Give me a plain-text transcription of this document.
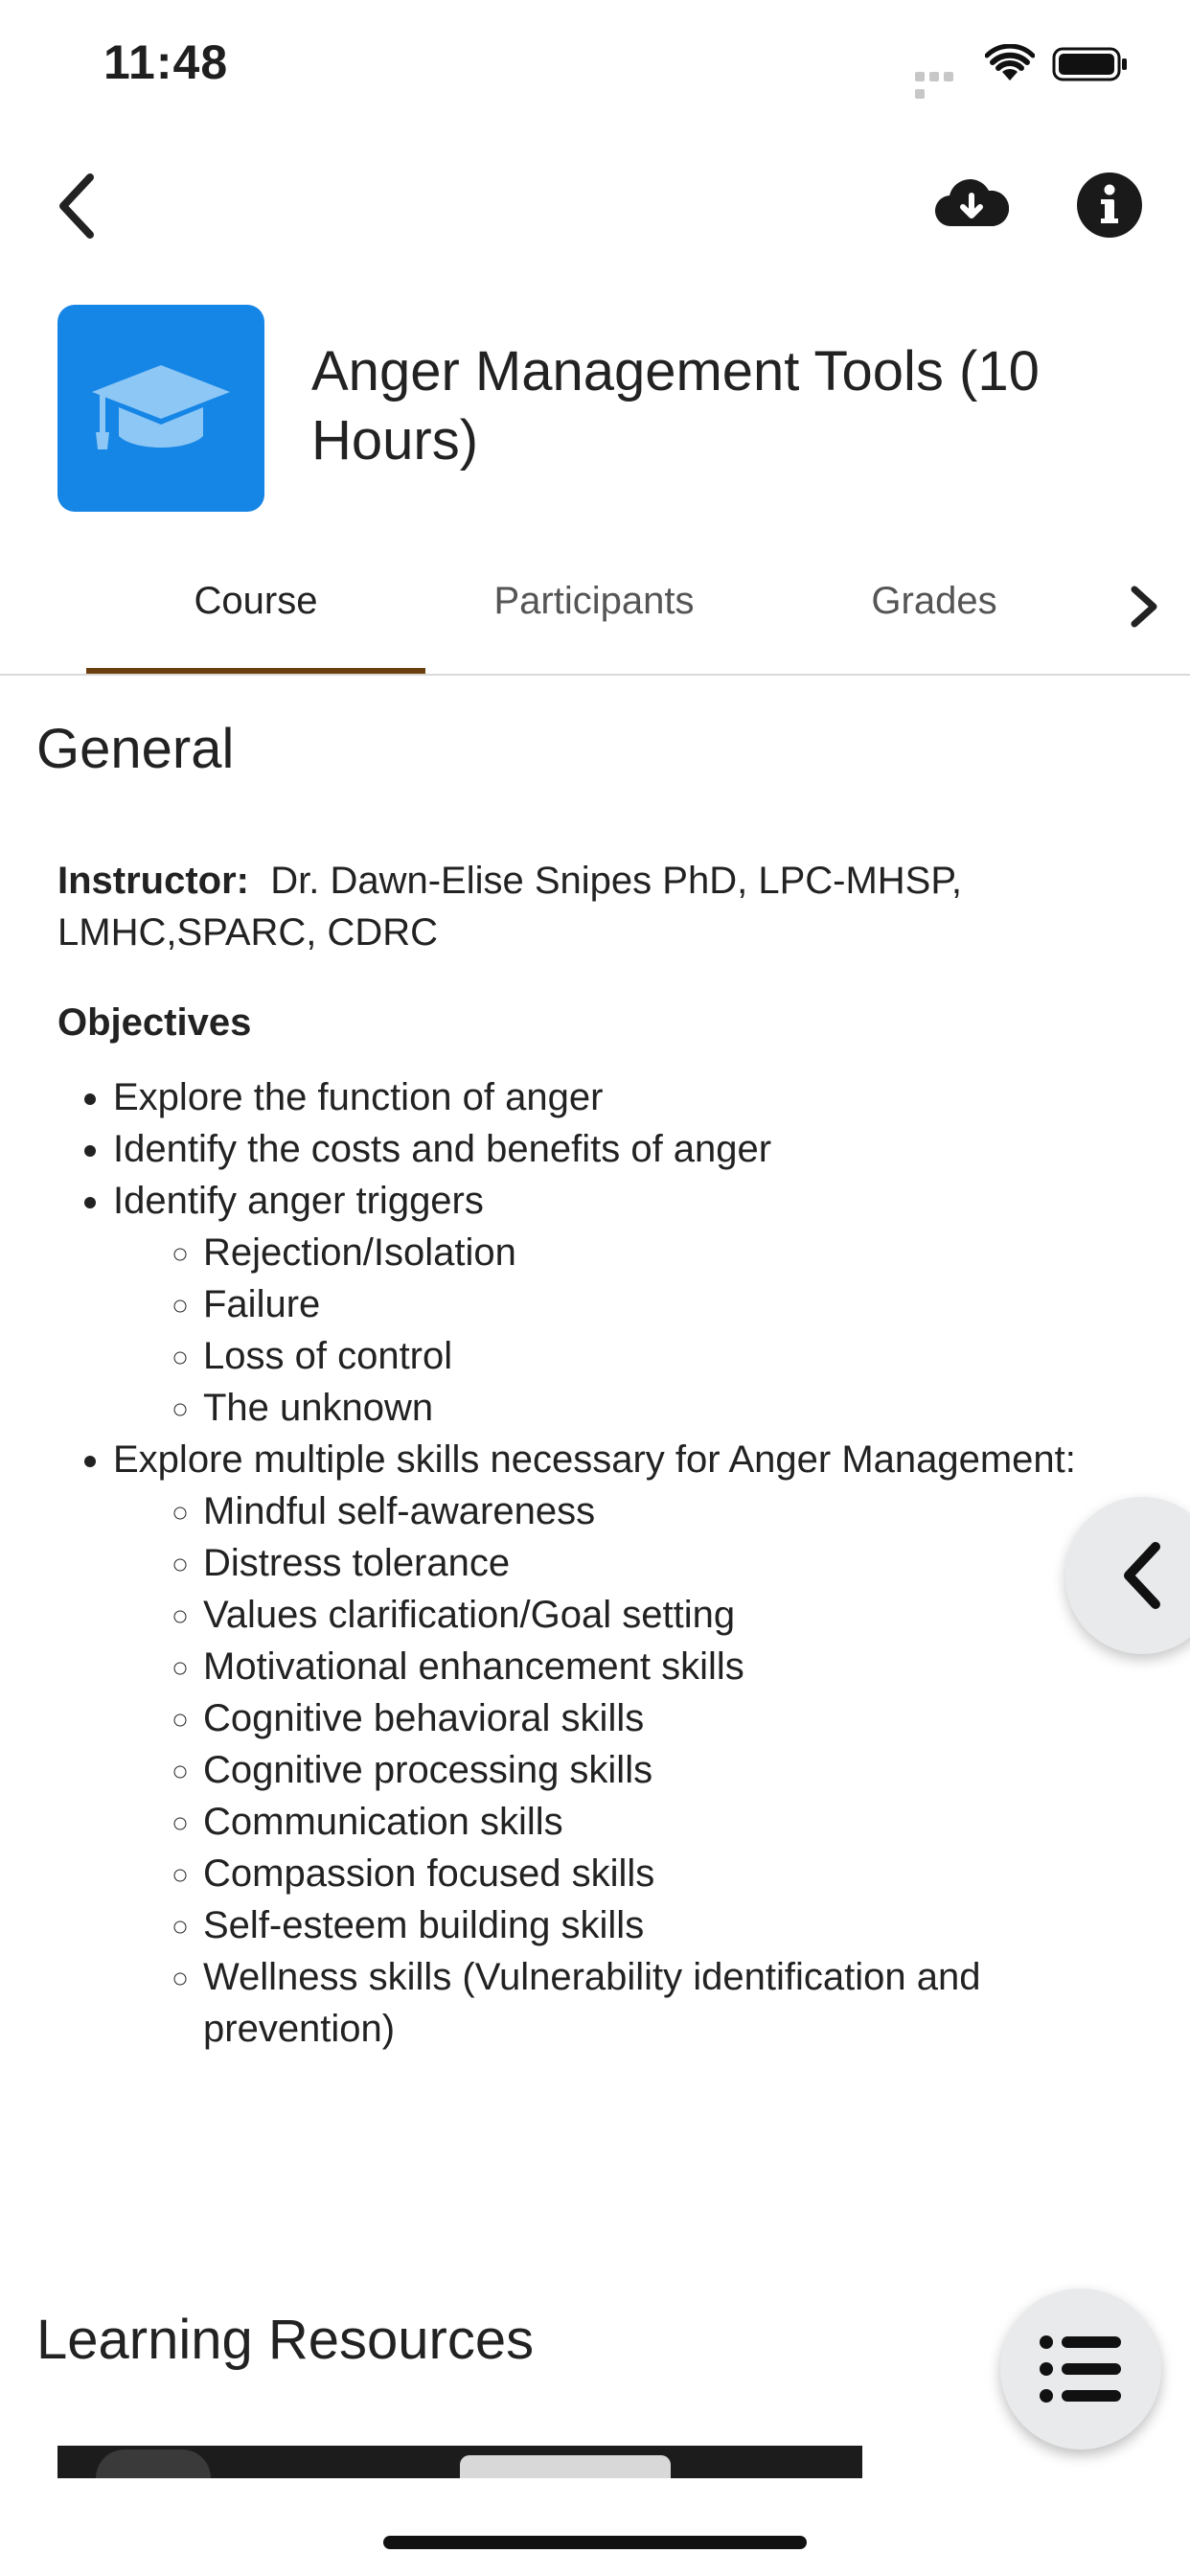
11:48
Anger Management Tools (10 Hours)
Course	Participants	Grades
General

Instructor: Dr. Dawn-Elise Snipes PhD, LPC-MHSP, LMHC,SPARC, CDRC

Objectives

• Explore the function of anger
• Identify the costs and benefits of anger
• Identify anger triggers
◦ Rejection/Isolation
◦ Failure
◦ Loss of control
◦ The unknown
• Explore multiple skills necessary for Anger Management:
◦ Mindful self-awareness
◦ Distress tolerance
◦ Values clarification/Goal setting
◦ Motivational enhancement skills
◦ Cognitive behavioral skills
◦ Cognitive processing skills
◦ Communication skills
◦ Compassion focused skills
◦ Self-esteem building skills
◦ Wellness skills (Vulnerability identification and prevention)
Learning Resources
